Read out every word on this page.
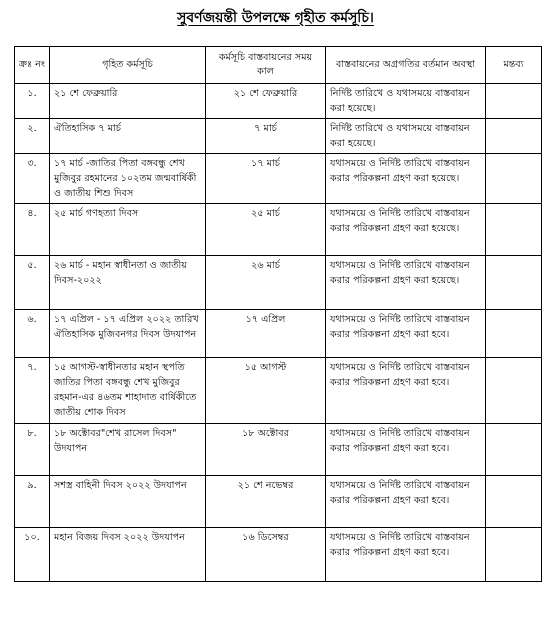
সুবর্ণজয়ন্তী উপলক্ষে গৃহীত কর্মসূচি।
ক্রঃ নং	গৃহিত কর্মসূচি	কর্মসূচি বাস্তবায়নের সময় কাল	বাস্তবায়নের অগ্রগতির বর্তমান অবস্থা	মন্তব্য
১.	২১ শে ফেব্রুয়ারি	২১ শে ফেব্রুয়ারি	নির্দিষ্ট তারিখে ও যথাসময়ে বাস্তবায়ন করা হয়েছে।	
২.	ঐতিহাসিক ৭ মার্চ	৭ মার্চ	নির্দিষ্ট তারিখে ও যথাসময়ে বাস্তবায়ন করা হয়েছে।	
৩.	১৭ মার্চ -জাতির পিতা বঙ্গবন্ধু শেখ মুজিবুর রহমানের ১০২তম জন্মবার্ষিকী ও জাতীয় শিশু দিবস	১৭ মার্চ	যথাসময়ে ও নির্দিষ্ট তারিখে বাস্তবায়ন করার পরিকল্পনা গ্রহণ করা হয়েছে।	
৪.	২৫ মার্চ গণহত্যা দিবস	২৫ মার্চ	যথাসময়ে ও নির্দিষ্ট তারিখে বাস্তবায়ন করার পরিকল্পনা গ্রহণ করা হয়েছে।	
৫.	২৬ মার্চ - মহান স্বাধীনতা ও জাতীয় দিবস-২০২২	২৬ মার্চ	যথাসময়ে ও নির্দিষ্ট তারিখে বাস্তবায়ন করার পরিকল্পনা গ্রহণ করা হয়েছে।	
৬.	১৭ এপ্রিল - ১৭ এপ্রিল ২০২২ তারিখ ঐতিহাসিক মুজিবনগর দিবস উদযাপন	১৭ এপ্রিল	যথাসময়ে ও নির্দিষ্ট তারিখে বাস্তবায়ন করার পরিকল্পনা গ্রহণ করা হবে।	
৭.	১৫ আগস্ট-স্বাধীনতার মহান স্থপতি জাতির পিতা বঙ্গবন্ধু শেখ মুজিবুর রহমান-এর ৪৬তম শাহাদাত বার্ষিকীতে জাতীয় শোক দিবস	১৫ আগস্ট	যথাসময়ে ও নির্দিষ্ট তারিখে বাস্তবায়ন করার পরিকল্পনা গ্রহণ করা হবে।	
৮.	১৮ অক্টোবর"শেখ রাসেল দিবস" উদযাপন	১৮ অক্টোবর	যথাসময়ে ও নির্দিষ্ট তারিখে বাস্তবায়ন করার পরিকল্পনা গ্রহণ করা হবে।	
৯.	সশস্ত্র বাহিনী দিবস ২০২২ উদযাপন	২১ শে নভেম্বর	যথাসময়ে ও নির্দিষ্ট তারিখে বাস্তবায়ন করার পরিকল্পনা গ্রহণ করা হবে।	
১০.	মহান বিজয় দিবস ২০২২ উদযাপন	১৬ ডিসেম্বর	যথাসময়ে ও নির্দিষ্ট তারিখে বাস্তবায়ন করার পরিকল্পনা গ্রহণ করা হবে।	
